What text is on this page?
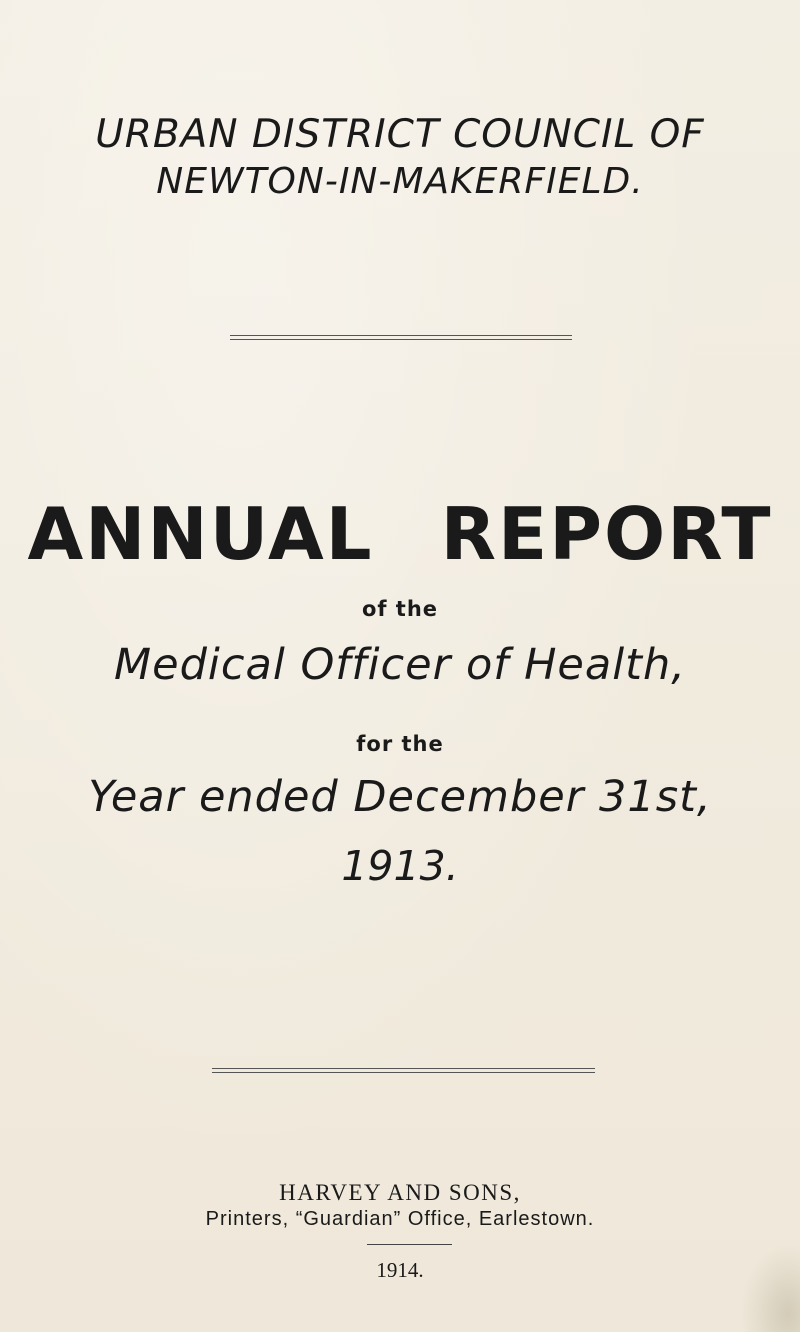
URBAN DISTRICT COUNCIL OF
NEWTON-IN-MAKERFIELD.
ANNUAL REPORT
of the
Medical Officer of Health,
for the
Year ended December 31st,
1913.
HARVEY AND SONS,
Printers, “Guardian” Office, Earlestown.
1914.
